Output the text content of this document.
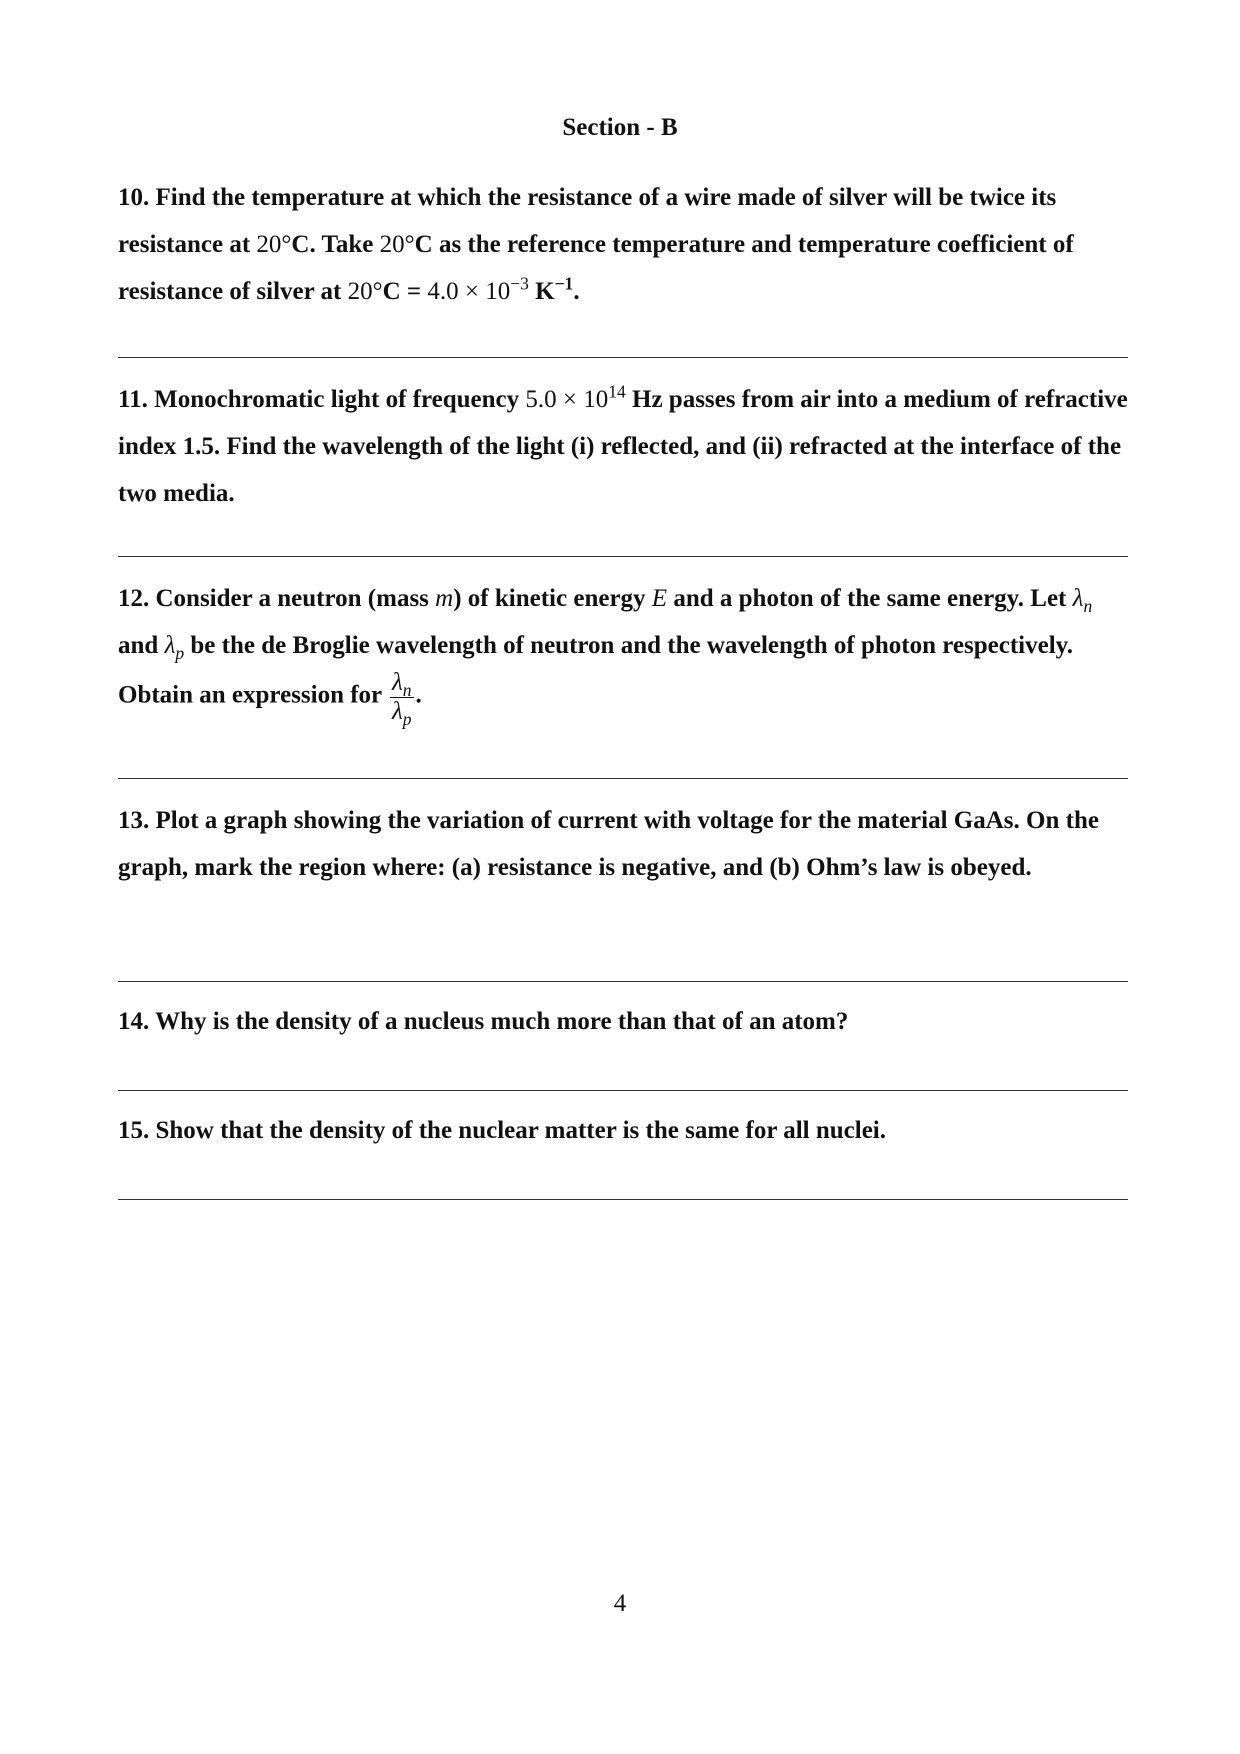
Section - B
10. Find the temperature at which the resistance of a wire made of silver will be twice its resistance at 20°C. Take 20°C as the reference temperature and temperature coefficient of resistance of silver at $20^\circ C = 4.0 \times 10^{-3}$ $K^{-1}$.
11. Monochromatic light of frequency $5.0 \times 10^{14}$ Hz passes from air into a medium of refractive index 1.5. Find the wavelength of the light (i) reflected, and (ii) refracted at the interface of the two media.
12. Consider a neutron (mass m) of kinetic energy E and a photon of the same energy. Let $\lambda_n$ and $\lambda_p$ be the de Broglie wavelength of neutron and the wavelength of photon respectively. Obtain an expression for $\frac{\lambda_n}{\lambda_p}$ .
13. Plot a graph showing the variation of current with voltage for the material GaAs. On the graph, mark the region where: (a) resistance is negative, and (b) Ohm’s law is obeyed.
14. Why is the density of a nucleus much more than that of an atom?
15. Show that the density of the nuclear matter is the same for all nuclei.
4
